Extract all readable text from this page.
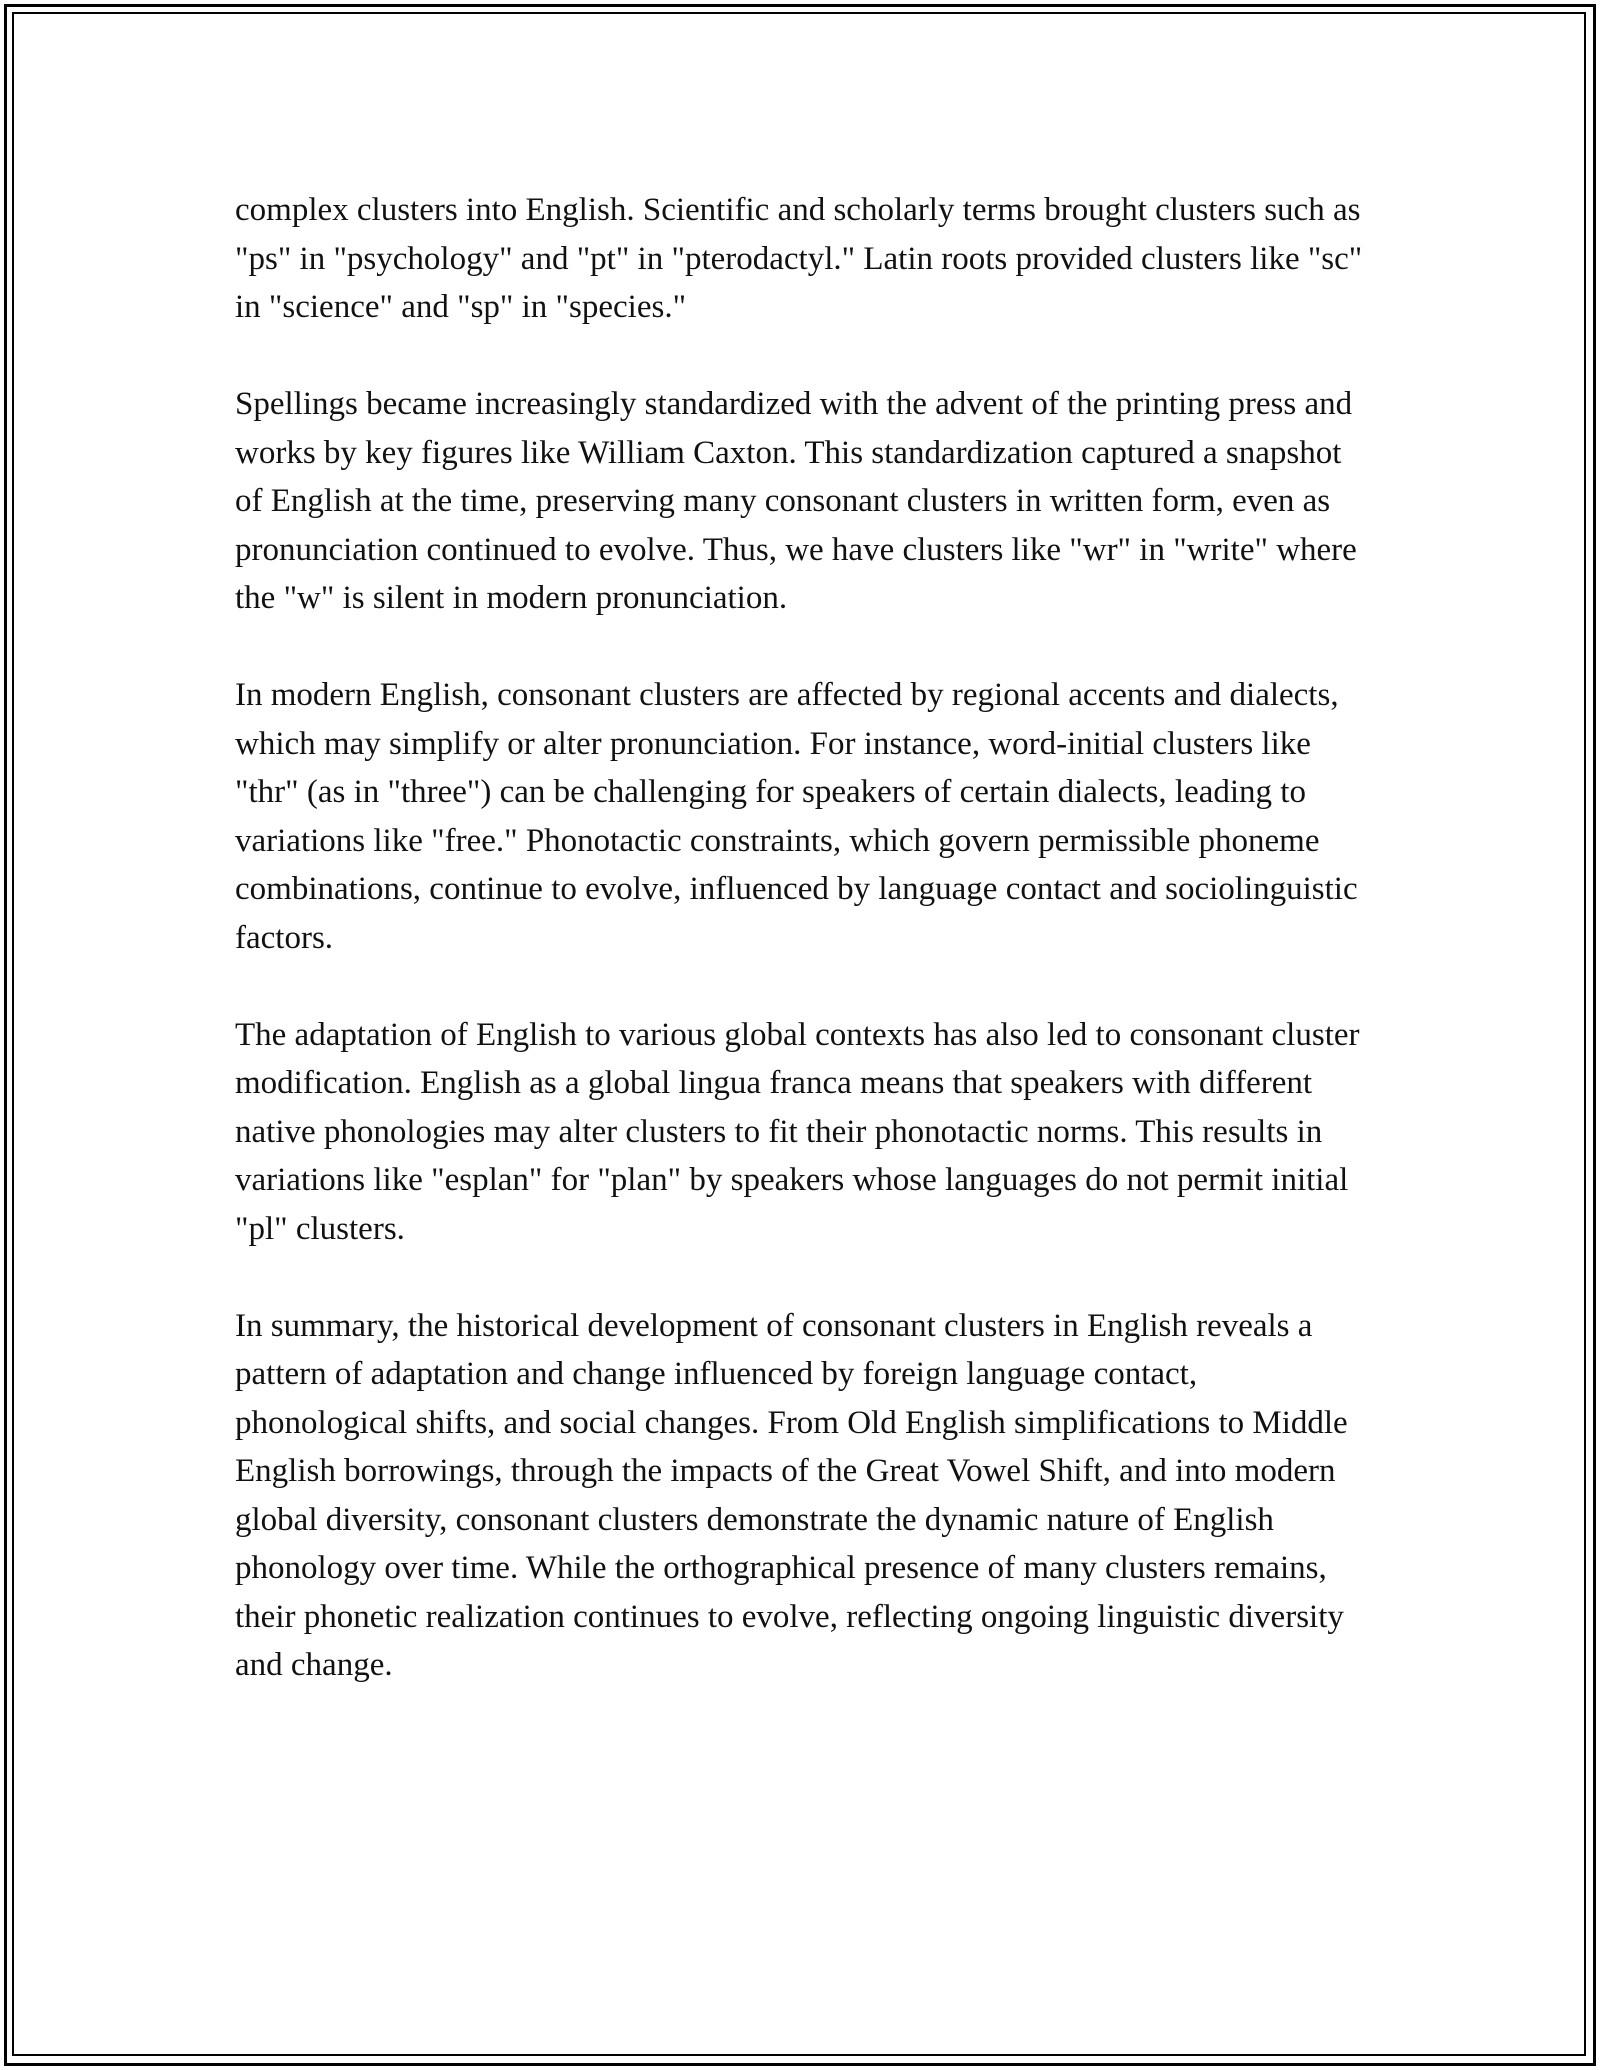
complex clusters into English. Scientific and scholarly terms brought clusters such as "ps" in "psychology" and "pt" in "pterodactyl." Latin roots provided clusters like "sc" in "science" and "sp" in "species."

Spellings became increasingly standardized with the advent of the printing press and works by key figures like William Caxton. This standardization captured a snapshot of English at the time, preserving many consonant clusters in written form, even as pronunciation continued to evolve. Thus, we have clusters like "wr" in "write" where the "w" is silent in modern pronunciation.

In modern English, consonant clusters are affected by regional accents and dialects, which may simplify or alter pronunciation. For instance, word-initial clusters like "thr" (as in "three") can be challenging for speakers of certain dialects, leading to variations like "free." Phonotactic constraints, which govern permissible phoneme combinations, continue to evolve, influenced by language contact and sociolinguistic factors.

The adaptation of English to various global contexts has also led to consonant cluster modification. English as a global lingua franca means that speakers with different native phonologies may alter clusters to fit their phonotactic norms. This results in variations like "esplan" for "plan" by speakers whose languages do not permit initial "pl" clusters.

In summary, the historical development of consonant clusters in English reveals a pattern of adaptation and change influenced by foreign language contact, phonological shifts, and social changes. From Old English simplifications to Middle English borrowings, through the impacts of the Great Vowel Shift, and into modern global diversity, consonant clusters demonstrate the dynamic nature of English phonology over time. While the orthographical presence of many clusters remains, their phonetic realization continues to evolve, reflecting ongoing linguistic diversity and change.
